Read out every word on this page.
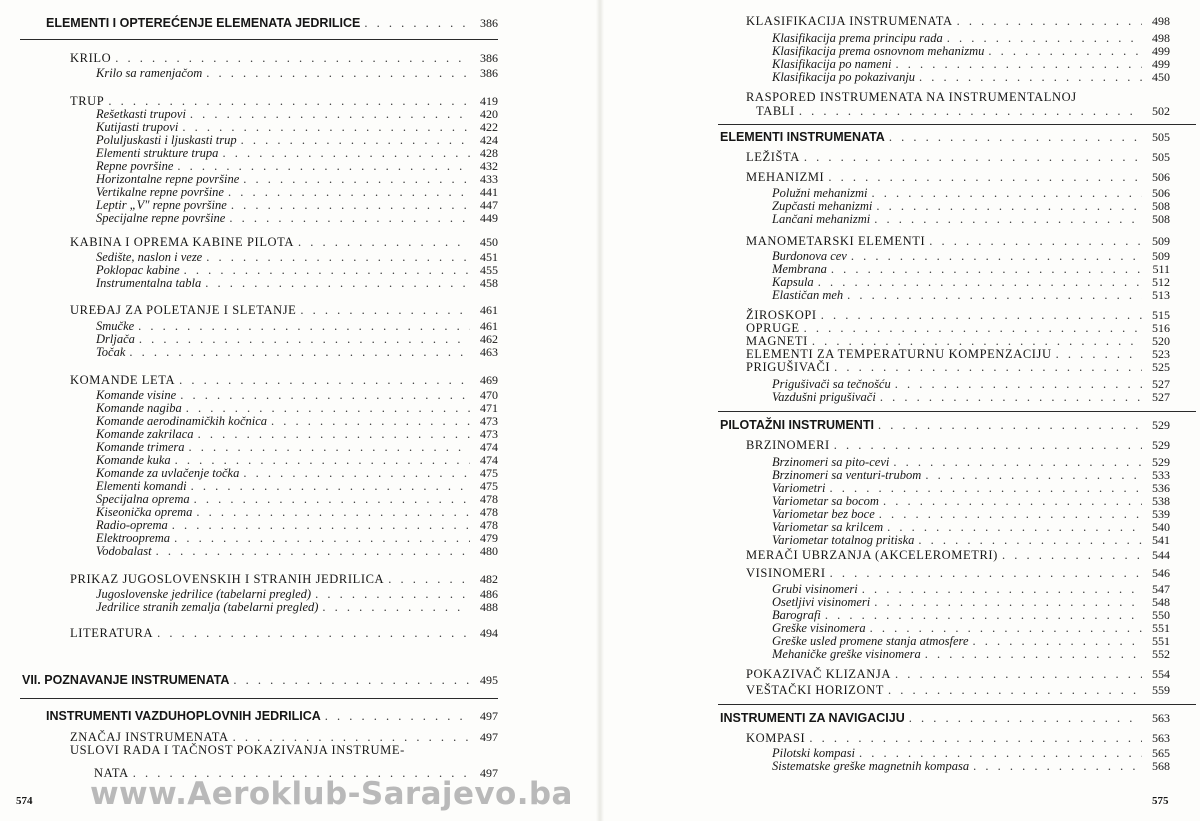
ELEMENTI I OPTEREĆENJE ELEMENATA JEDRILICE . . .	386
KRILO . . .	386
Krilo sa ramenjačom . . .	386
TRUP . . .	419
Rešetkasti trupovi . . .	420
Kutijasti trupovi . . .	422
Poluljuskasti i ljuskasti trup . . .	424
Elementi strukture trupa . . .	428
Repne površine . . .	432
Horizontalne repne površine . . .	433
Vertikalne repne površine . . .	441
Leptir „V" repne površine . . .	447
Specijalne repne površine . . .	449
KABINA I OPREMA KABINE PILOTA . . .	450
Sedište, naslon i veze . . .	451
Poklopac kabine . . .	455
Instrumentalna tabla . . .	458
UREĐAJ ZA POLETANJE I SLETANJE . . .	461
Smučke . . .	461
Drljača . . .	462
Točak . . .	463
KOMANDE LETA . . .	469
Komande visine . . .	470
Komande nagiba . . .	471
Komande aerodinamičkih kočnica . . .	473
Komande zakrilaca . . .	473
Komande trimera . . .	474
Komande kuka . . .	474
Komande za uvlačenje točka . . .	475
Elementi komandi . . .	475
Specijalna oprema . . .	478
Kiseonička oprema . . .	478
Radio-oprema . . .	478
Elektrooprema . . .	479
Vodobalast . . .	480
PRIKAZ JUGOSLOVENSKIH I STRANIH JEDRILICA . . .	482
Jugoslovenske jedrilice (tabelarni pregled) . . .	486
Jedrilice stranih zemalja (tabelarni pregled) . . .	488
LITERATURA . . .	494
VII. POZNAVANJE INSTRUMENATA . . .	495
INSTRUMENTI VAZDUHOPLOVNIH JEDRILICA . . .	497
ZNAČAJ INSTRUMENATA . . .	497
USLOVI RADA I TAČNOST POKAZIVANJA INSTRUME-
NATA . . .	497
KLASIFIKACIJA INSTRUMENATA . . .	498
Klasifikacija prema principu rada . . .	498
Klasifikacija prema osnovnom mehanizmu . . .	499
Klasifikacija po nameni . . .	499
Klasifikacija po pokazivanju . . .	450
RASPORED INSTRUMENATA NA INSTRUMENTALNOJ
TABLI . . .	502
ELEMENTI INSTRUMENATA . . .	505
LEŽIŠTA . . .	505
MEHANIZMI . . .	506
Polužni mehanizmi . . .	506
Zupčasti mehanizmi . . .	508
Lančani mehanizmi . . .	508
MANOMETARSKI ELEMENTI . . .	509
Burdonova cev . . .	509
Membrana . . .	511
Kapsula . . .	512
Elastičan meh . . .	513
ŽIROSKOPI . . .	515
OPRUGE . . .	516
MAGNETI . . .	520
ELEMENTI ZA TEMPERATURNU KOMPENZACIJU . . .	523
PRIGUŠIVAČI . . .	525
Prigušivači sa tečnošću . . .	527
Vazdušni prigušivači . . .	527
PILOTAŽNI INSTRUMENTI . . .	529
BRZINOMERI . . .	529
Brzinomeri sa pito-cevi . . .	529
Brzinomeri sa venturi-trubom . . .	533
Variometri . . .	536
Variometar sa bocom . . .	538
Variometar bez boce . . .	539
Variometar sa krilcem . . .	540
Variometar totalnog pritiska . . .	541
MERAČI UBRZANJA (AKCELEROMETRI) . . .	544
VISINOMERI . . .	546
Grubi visinomeri . . .	547
Osetljivi visinomeri . . .	548
Barografi . . .	550
Greške visinomera . . .	551
Greške usled promene stanja atmosfere . . .	551
Mehaničke greške visinomera . . .	552
POKAZIVAČ KLIZANJA . . .	554
VEŠTAČKI HORIZONT . . .	559
INSTRUMENTI ZA NAVIGACIJU . . .	563
KOMPASI . . .	563
Pilotski kompasi . . .	565
Sistematske greške magnetnih kompasa . . .	568
574	575
www.Aeroklub-Sarajevo.ba
